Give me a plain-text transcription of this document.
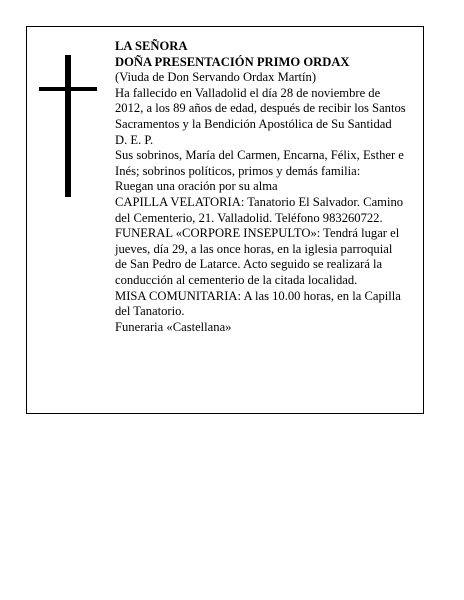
LA SEÑORA

DOÑA PRESENTACIÓN PRIMO ORDAX

(Viuda de Don Servando Ordax Martín)

Ha fallecido en Valladolid el día 28 de noviembre de 2012, a los 89 años de edad, después de recibir los Santos Sacramentos y la Bendición Apostólica de Su Santidad

D. E. P.

Sus sobrinos, María del Carmen, Encarna, Félix, Esther e Inés; sobrinos políticos, primos y demás familia:

Ruegan una oración por su alma

CAPILLA VELATORIA: Tanatorio El Salvador. Camino del Cementerio, 21. Valladolid. Teléfono 983260722.

FUNERAL «CORPORE INSEPULTO»: Tendrá lugar el jueves, día 29, a las once horas, en la iglesia parroquial de San Pedro de Latarce. Acto seguido se realizará la conducción al cementerio de la citada localidad.

MISA COMUNITARIA: A las 10.00 horas, en la Capilla del Tanatorio.

Funeraria «Castellana»
